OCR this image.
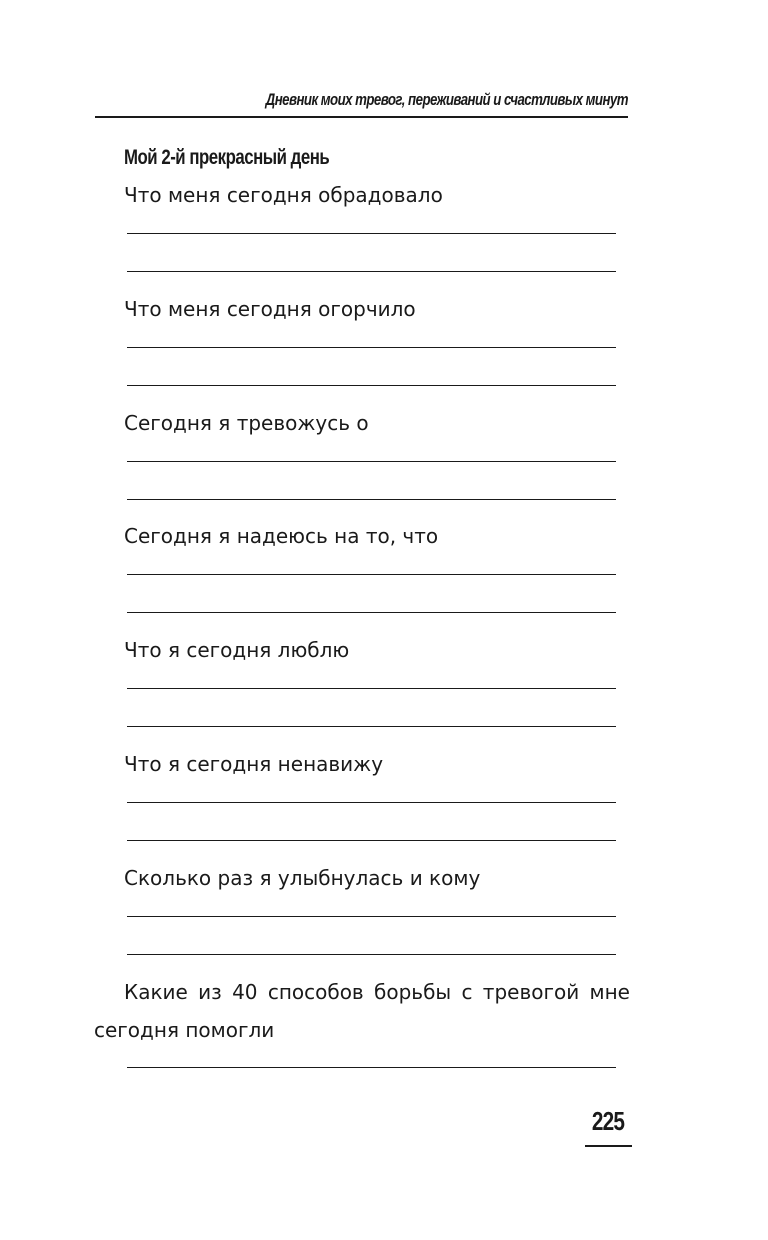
Дневник моих тревог, переживаний и счастливых минут
Мой 2-й прекрасный день
Что меня сегодня обрадовало
Что меня сегодня огорчило
Сегодня я тревожусь о
Сегодня я надеюсь на то, что
Что я сегодня люблю
Что я сегодня ненавижу
Сколько раз я улыбнулась и кому
Какие из 40 способов борьбы с тревогой мне сегодня помогли
225
